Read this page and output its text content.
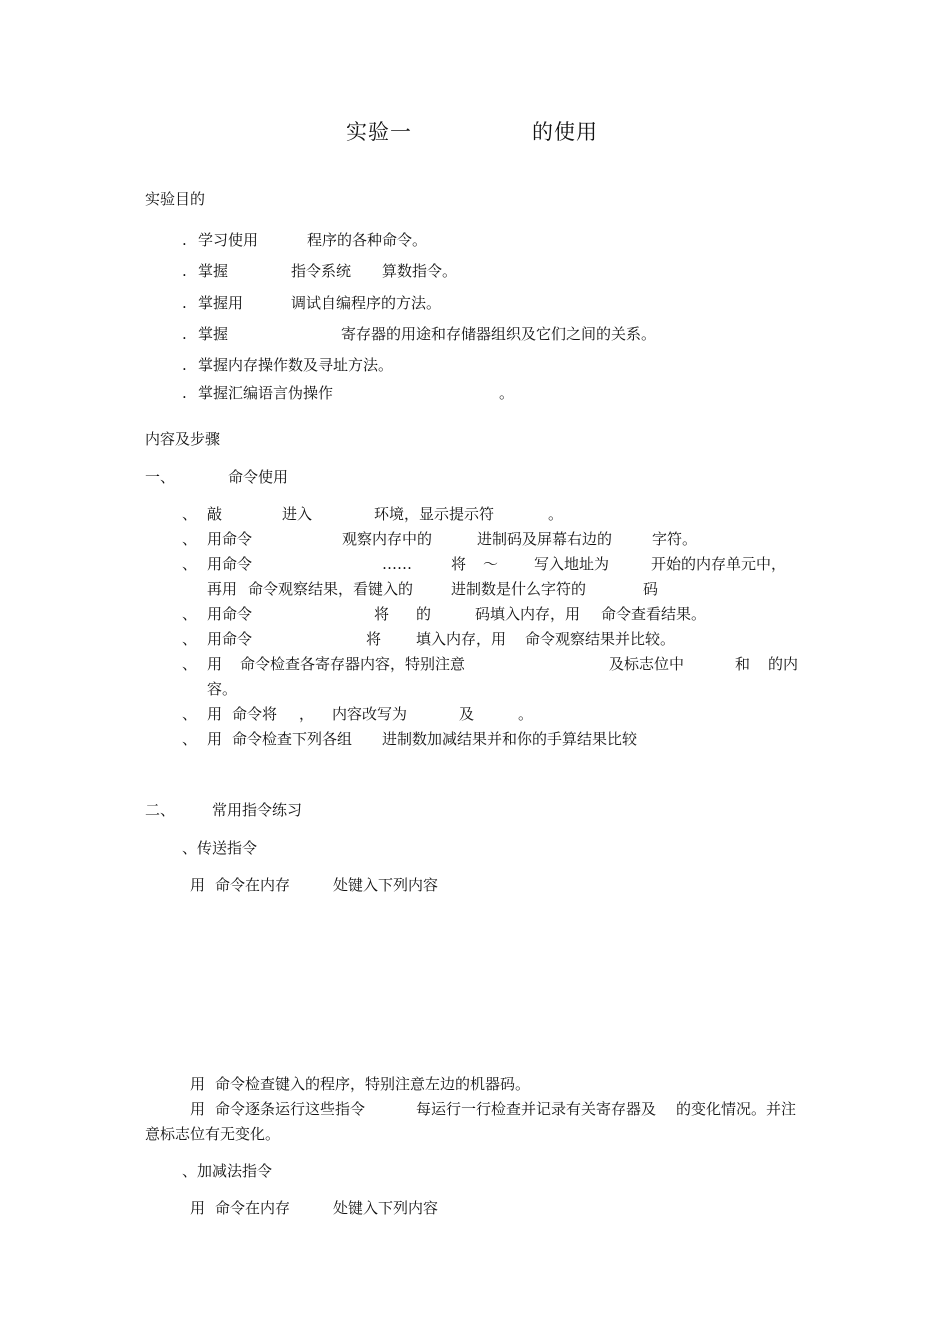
实验一	的使用
实验目的
. 学习使用	程序的各种命令。
. 掌握	指令系统 算数指令。
. 掌握用	调试自编程序的方法。
. 掌握	寄存器的用途和存储器组织及它们之间的关系。
. 掌握内存操作数及寻址方法。
. 掌握汇编语言伪操作	。
内容及步骤
一、	命令使用
、 敲	进入	环境，显示提示符	。
、 用命令	观察内存中的	进制码及屏幕右边的	字符。
、 用命令	……	将 ～ 写入地址为	开始的内存单元中，
再用 命令观察结果，看键入的	进制数是什么字符的	码
、 用命令	将 的	码填入内存，用 命令查看结果。
、 用命令	将 填入内存，用 命令观察结果并比较。
、 用 命令检查各寄存器内容，特别注意	及标志位中	和 的内
容。
、 用 命令将 ， 内容改写为	及	。
、 用 命令检查下列各组 进制数加减结果并和你的手算结果比较
二、 常用指令练习
、传送指令
用 命令在内存	处键入下列内容
用 命令检查键入的程序，特别注意左边的机器码。
用 命令逐条运行这些指令	每运行一行检查并记录有关寄存器及 的变化情况。并注
意标志位有无变化。
、加减法指令
用 命令在内存	处键入下列内容
